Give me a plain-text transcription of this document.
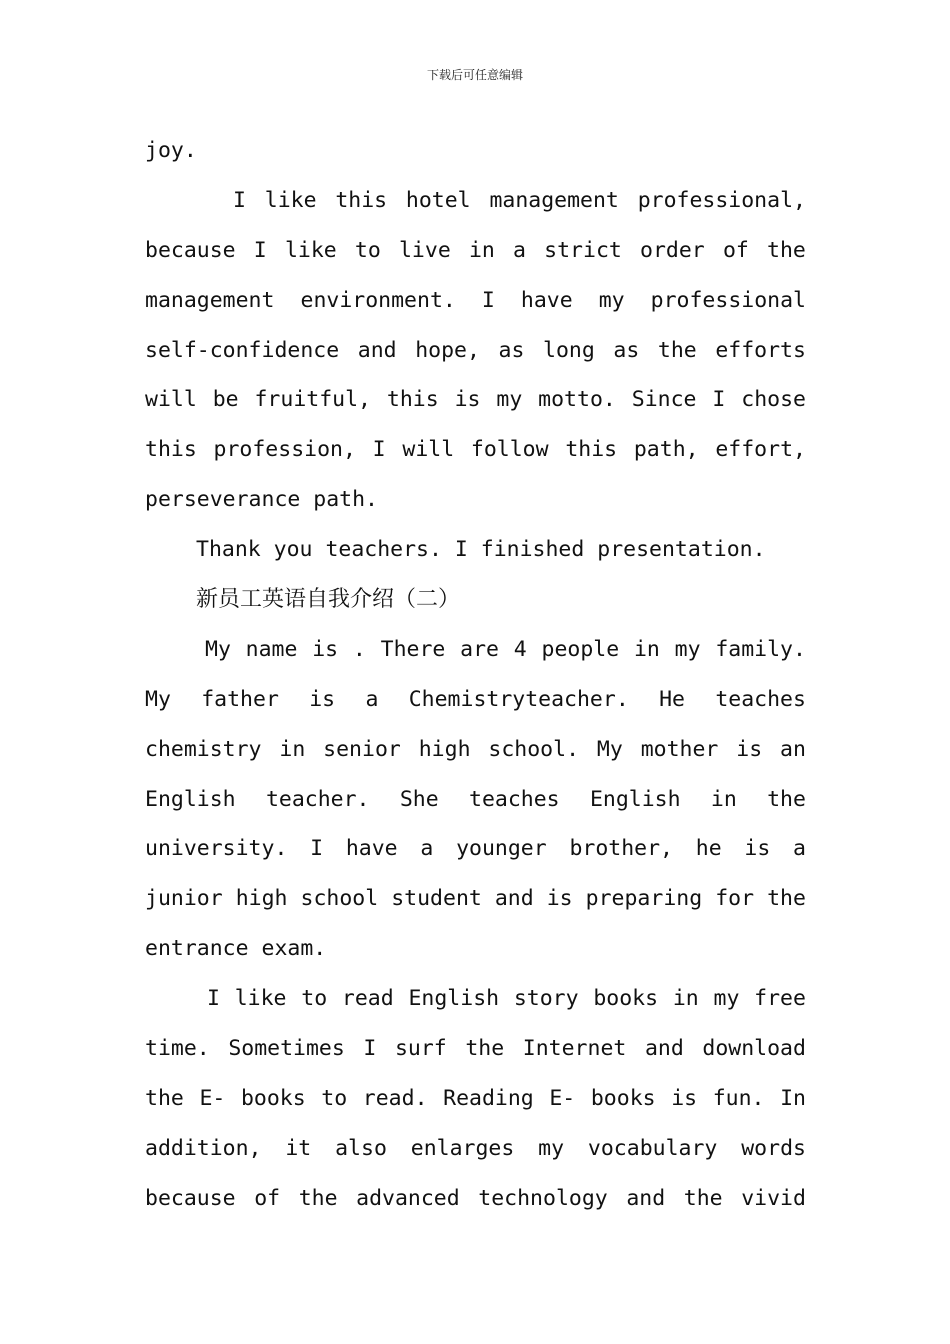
下载后可任意编辑
joy.
I like this hotel management professional,
because I like to live in a strict order of the
management environment. I have my professional
self-confidence and hope, as long as the efforts
will be fruitful, this is my motto. Since I chose
this profession, I will follow this path, effort,
perseverance path.
Thank you teachers. I finished presentation.
新员工英语自我介绍（二）
My name is . There are 4 people in my family.
My father is a Chemistryteacher. He teaches
chemistry in senior high school. My mother is an
English teacher. She teaches English in the
university. I have a younger brother, he is a
junior high school student and is preparing for the
entrance exam.
I like to read English story books in my free
time. Sometimes I surf the Internet and download
the E- books to read. Reading E- books is fun. In
addition, it also enlarges my vocabulary words
because of the advanced technology and the vivid
